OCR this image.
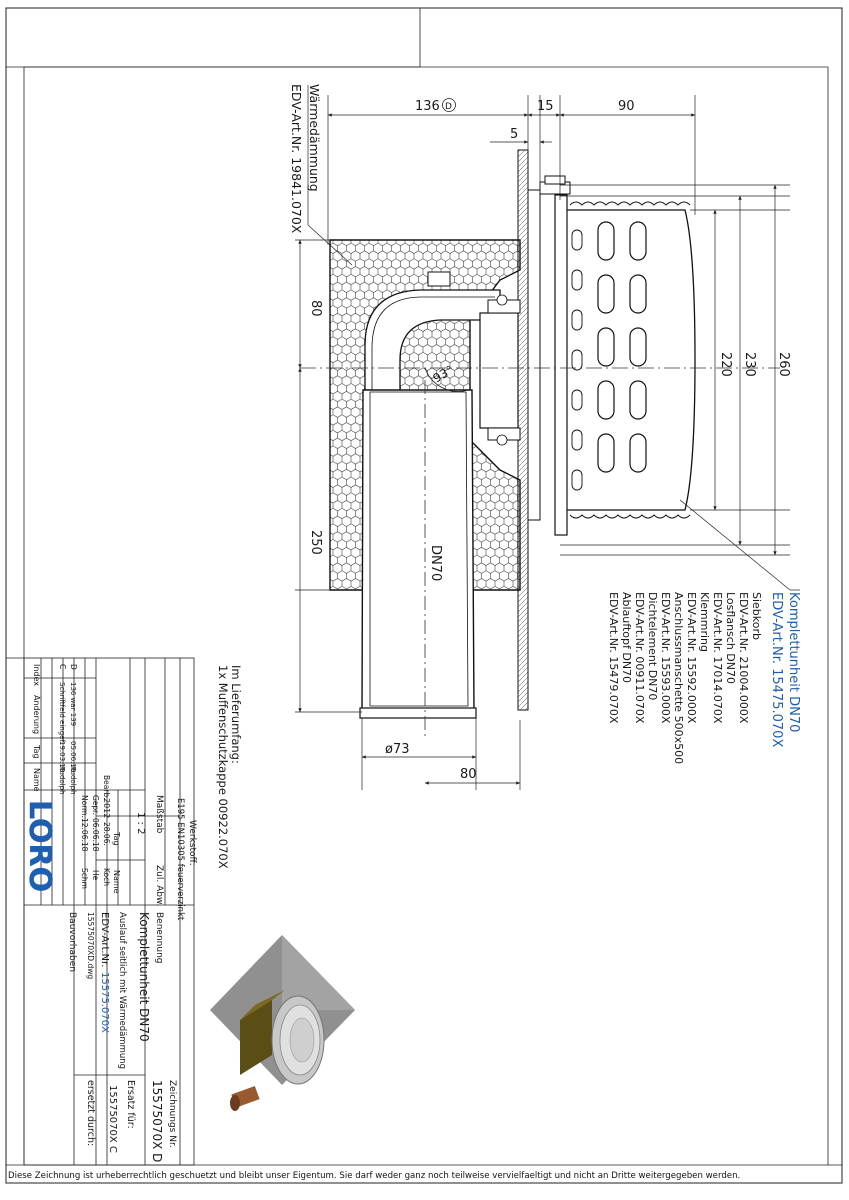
136 D	15	90
5
80
250
220 230 260
ø73
80
93°
DN70
Wärmedämmung
EDV-Art.Nr. 19841.070X
Komplettunheit DN70
EDV-Art.Nr. 15475.070X
Siebkorb
EDV-Art.Nr. 21004.000X
Losflansch DN70
EDV-Art.Nr. 17014.070X
Klemmring
EDV-Art.Nr. 15592.000X
Anschlussmanschette 500x500
EDV-Art.Nr. 15593.000X
Dichtelement DN70
EDV-Art.Nr. 00911.070X
Ablauftopf DN70
EDV-Art.Nr. 15479.070X
Im Lieferumfang:
1x Muffenschutzkappe 00922.070X
Werkstoff:
E195 EN10305 feuerverzinkt
Maßstab
1 : 2
Zul. Abw.
2012
Tag
Name
Bearb.
28.06.
Koch
Gepr.
06.06.18
He
Norm.
12.06.18
Schm
D
136 war 139
05.06.18
Rudolph
C
Schriftfeld eingef.
19.03.18
Rudolph
Index
Änderung
Tag
Name
LORO
Benennung
Komplettunheit DN70
Auslauf seitlich mit Wärmedämmung
EDV-Art.Nr.
15575.070X
15575070XD.dwg
Bauvorhaben
Zeichnungs Nr.
15575070X D
Ersatz für:
15575070X C
ersetzt durch:
Diese Zeichnung ist urheberrechtlich geschuetzt und bleibt unser Eigentum. Sie darf weder ganz noch teilweise vervielfaeltigt und nicht an Dritte weitergegeben werden.
